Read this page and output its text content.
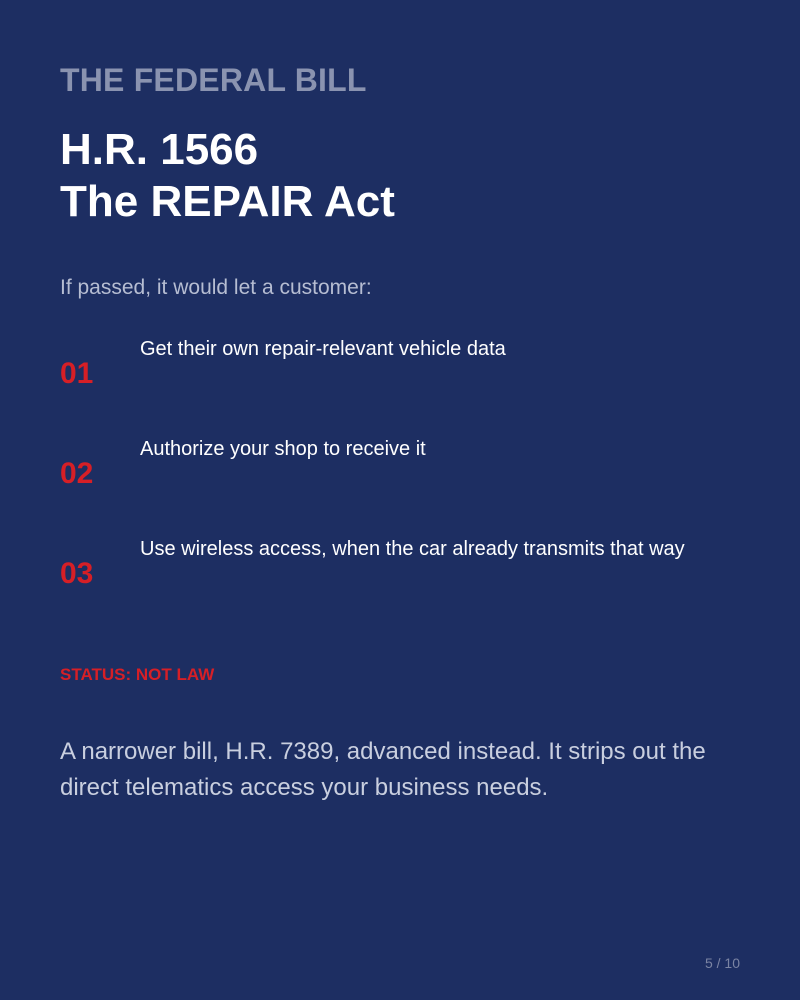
THE FEDERAL BILL
H.R. 1566
The REPAIR Act

If passed, it would let a customer:

01
Get their own repair-relevant vehicle data
02
Authorize your shop to receive it
03
Use wireless access, when the car already transmits that way

STATUS: NOT LAW

A narrower bill, H.R. 7389, advanced instead. It strips out the direct telematics access your business needs.

5 / 10
